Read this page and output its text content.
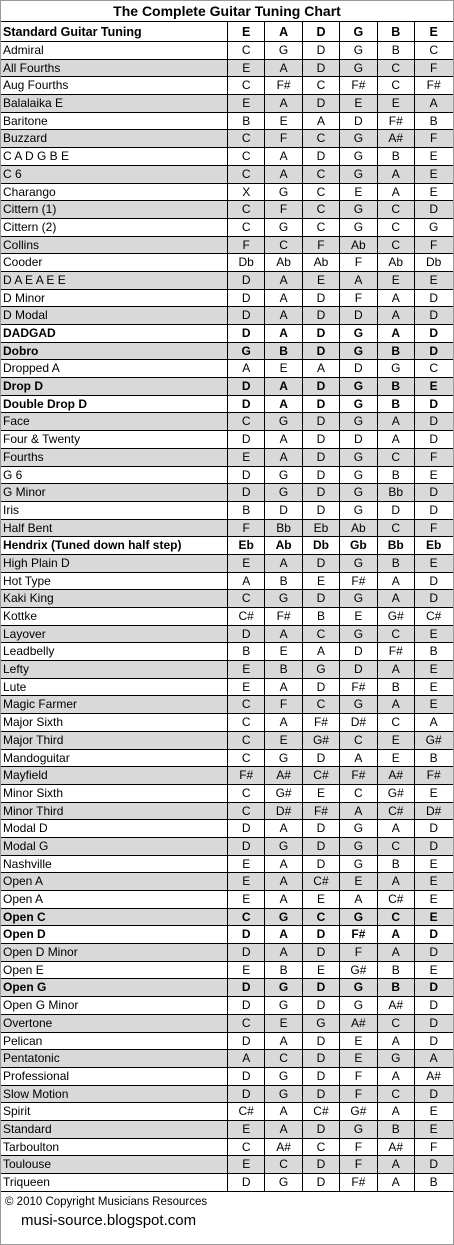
The Complete Guitar Tuning Chart
Standard Guitar Tuning	E	A	D	G	B	E
Admiral	C	G	D	G	B	C
All Fourths	E	A	D	G	C	F
Aug Fourths	C	F#	C	F#	C	F#
Balalaika E	E	A	D	E	E	A
Baritone	B	E	A	D	F#	B
Buzzard	C	F	C	G	A#	F
C A D G B E	C	A	D	G	B	E
C 6	C	A	C	G	A	E
Charango	X	G	C	E	A	E
Cittern (1)	C	F	C	G	C	D
Cittern (2)	C	G	C	G	C	G
Collins	F	C	F	Ab	C	F
Cooder	Db	Ab	Ab	F	Ab	Db
D A E A E E	D	A	E	A	E	E
D Minor	D	A	D	F	A	D
D Modal	D	A	D	D	A	D
DADGAD	D	A	D	G	A	D
Dobro	G	B	D	G	B	D
Dropped A	A	E	A	D	G	C
Drop D	D	A	D	G	B	E
Double Drop D	D	A	D	G	B	D
Face	C	G	D	G	A	D
Four & Twenty	D	A	D	D	A	D
Fourths	E	A	D	G	C	F
G 6	D	G	D	G	B	E
G Minor	D	G	D	G	Bb	D
Iris	B	D	D	G	D	D
Half Bent	F	Bb	Eb	Ab	C	F
Hendrix (Tuned down half step)	Eb	Ab	Db	Gb	Bb	Eb
High Plain D	E	A	D	G	B	E
Hot Type	A	B	E	F#	A	D
Kaki King	C	G	D	G	A	D
Kottke	C#	F#	B	E	G#	C#
Layover	D	A	C	G	C	E
Leadbelly	B	E	A	D	F#	B
Lefty	E	B	G	D	A	E
Lute	E	A	D	F#	B	E
Magic Farmer	C	F	C	G	A	E
Major Sixth	C	A	F#	D#	C	A
Major Third	C	E	G#	C	E	G#
Mandoguitar	C	G	D	A	E	B
Mayfield	F#	A#	C#	F#	A#	F#
Minor Sixth	C	G#	E	C	G#	E
Minor Third	C	D#	F#	A	C#	D#
Modal D	D	A	D	G	A	D
Modal G	D	G	D	G	C	D
Nashville	E	A	D	G	B	E
Open A	E	A	C#	E	A	E
Open A	E	A	E	A	C#	E
Open C	C	G	C	G	C	E
Open D	D	A	D	F#	A	D
Open D Minor	D	A	D	F	A	D
Open E	E	B	E	G#	B	E
Open G	D	G	D	G	B	D
Open G Minor	D	G	D	G	A#	D
Overtone	C	E	G	A#	C	D
Pelican	D	A	D	E	A	D
Pentatonic	A	C	D	E	G	A
Professional	D	G	D	F	A	A#
Slow Motion	D	G	D	F	C	D
Spirit	C#	A	C#	G#	A	E
Standard	E	A	D	G	B	E
Tarboulton	C	A#	C	F	A#	F
Toulouse	E	C	D	F	A	D
Triqueen	D	G	D	F#	A	B
© 2010 Copyright Musicians Resources
musi-source.blogspot.com
